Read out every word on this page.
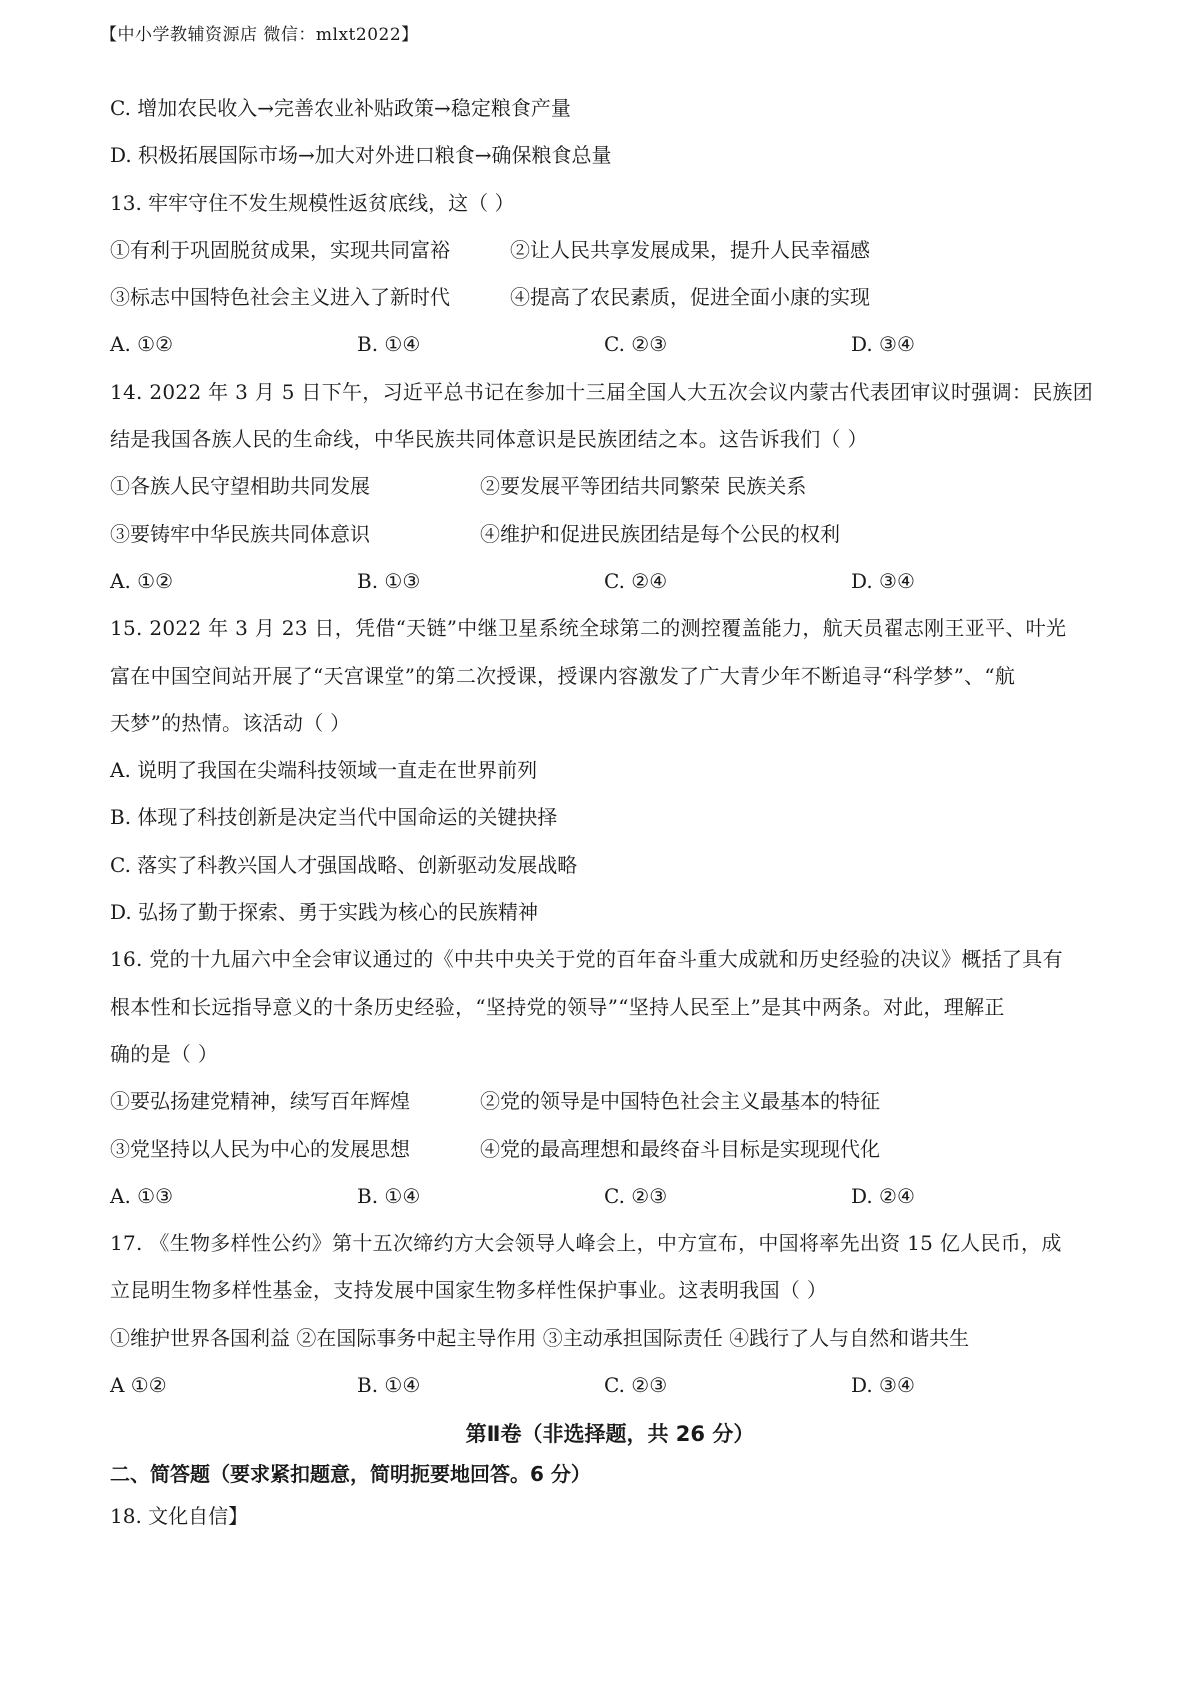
【中小学教辅资源店 微信：mlxt2022】
C. 增加农民收入→完善农业补贴政策→稳定粮食产量
D. 积极拓展国际市场→加大对外进口粮食→确保粮食总量
13. 牢牢守住不发生规模性返贫底线，这（ ）
①有利于巩固脱贫成果，实现共同富裕	②让人民共享发展成果，提升人民幸福感
③标志中国特色社会主义进入了新时代	④提高了农民素质，促进全面小康的实现
A. ①②	B. ①④	C. ②③	D. ③④
14. 2022 年 3 月 5 日下午，习近平总书记在参加十三届全国人大五次会议内蒙古代表团审议时强调：民族团
结是我国各族人民的生命线，中华民族共同体意识是民族团结之本。这告诉我们（ ）
①各族人民守望相助共同发展	②要发展平等团结共同繁荣 民族关系
③要铸牢中华民族共同体意识	④维护和促进民族团结是每个公民的权利
A. ①②	B. ①③	C. ②④	D. ③④
15. 2022 年 3 月 23 日，凭借“天链”中继卫星系统全球第二的测控覆盖能力，航天员翟志刚王亚平、叶光
富在中国空间站开展了“天宫课堂”的第二次授课，授课内容激发了广大青少年不断追寻“科学梦”、“航
天梦”的热情。该活动（ ）
A. 说明了我国在尖端科技领域一直走在世界前列
B. 体现了科技创新是决定当代中国命运的关键抉择
C. 落实了科教兴国人才强国战略、创新驱动发展战略
D. 弘扬了勤于探索、勇于实践为核心的民族精神
16. 党的十九届六中全会审议通过的《中共中央关于党的百年奋斗重大成就和历史经验的决议》概括了具有
根本性和长远指导意义的十条历史经验，“坚持党的领导”“坚持人民至上”是其中两条。对此，理解正
确的是（ ）
①要弘扬建党精神，续写百年辉煌	②党的领导是中国特色社会主义最基本的特征
③党坚持以人民为中心的发展思想	④党的最高理想和最终奋斗目标是实现现代化
A. ①③	B. ①④	C. ②③	D. ②④
17. 《生物多样性公约》第十五次缔约方大会领导人峰会上，中方宣布，中国将率先出资 15 亿人民币，成
立昆明生物多样性基金，支持发展中国家生物多样性保护事业。这表明我国（ ）
①维护世界各国利益 ②在国际事务中起主导作用 ③主动承担国际责任 ④践行了人与自然和谐共生
A ①②	B. ①④	C. ②③	D. ③④
第Ⅱ卷（非选择题，共 26 分）
二、简答题（要求紧扣题意，简明扼要地回答。6 分）
18. 文化自信】
